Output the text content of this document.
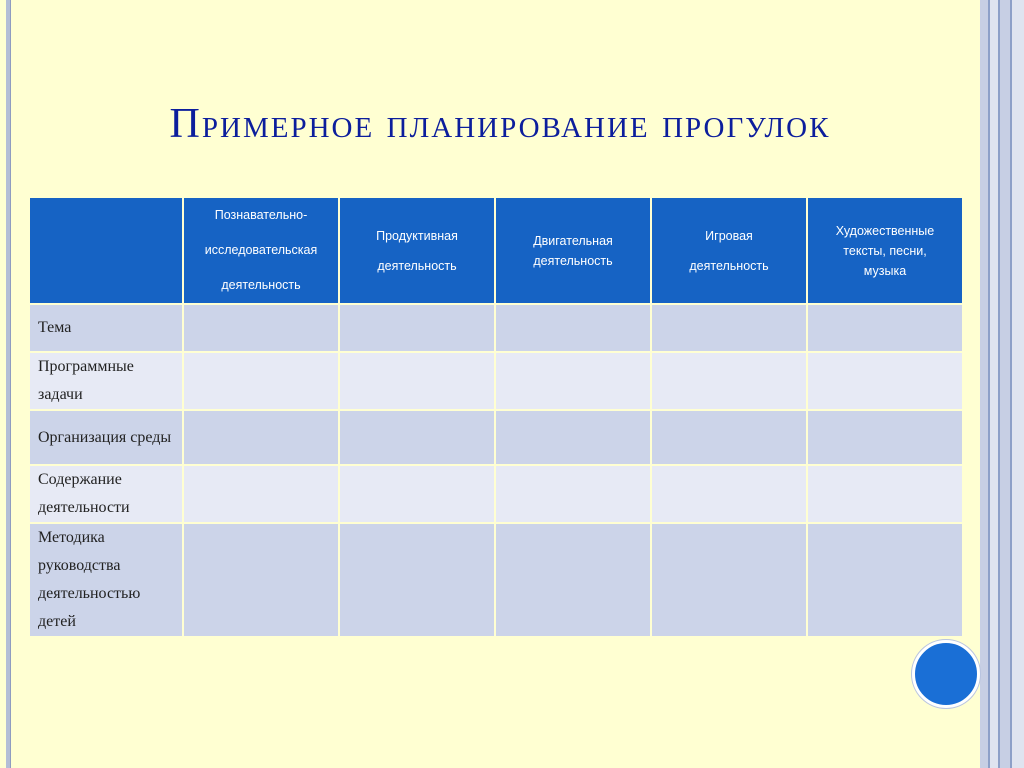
Примерное планирование прогулок

	Познавательно-
исследовательская
деятельность	Продуктивная
деятельность	Двигательная
деятельность	Игровая
деятельность	Художественные
тексты, песни,
музыка

Тема					
Программные задачи					
Организация среды					
Содержание деятельности					
Методика руководства деятельностью детей					
